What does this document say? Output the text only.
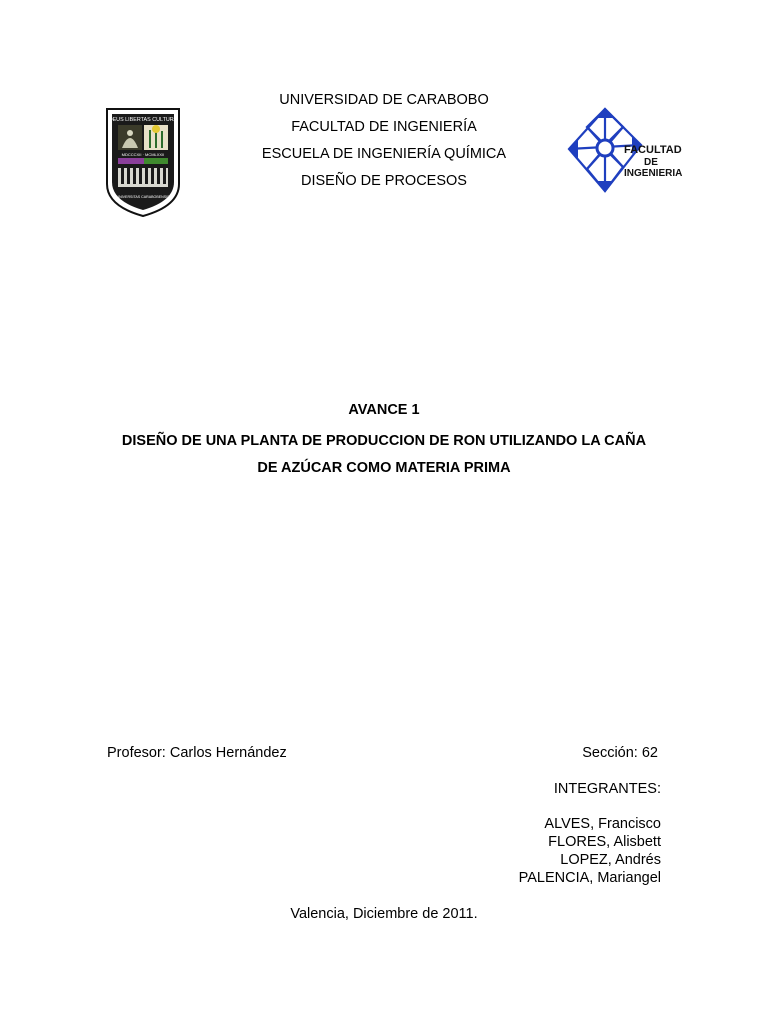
DEUS LIBERTAS CULTURA
MDCCCXII · MCMLXXII
UNIVERSITAS CARABOBENSIS
FACULTAD
DE
INGENIERIA
UNIVERSIDAD DE CARABOBO
FACULTAD DE INGENIERÍA
ESCUELA DE INGENIERÍA QUÍMICA
DISEÑO DE PROCESOS
AVANCE 1
DISEÑO DE UNA PLANTA DE PRODUCCION DE RON UTILIZANDO LA CAÑA
DE AZÚCAR COMO MATERIA PRIMA
Profesor: Carlos Hernández	Sección: 62
INTEGRANTES:
ALVES, Francisco
FLORES, Alisbett
LOPEZ, Andrés
PALENCIA, Mariangel
Valencia, Diciembre de 2011.
